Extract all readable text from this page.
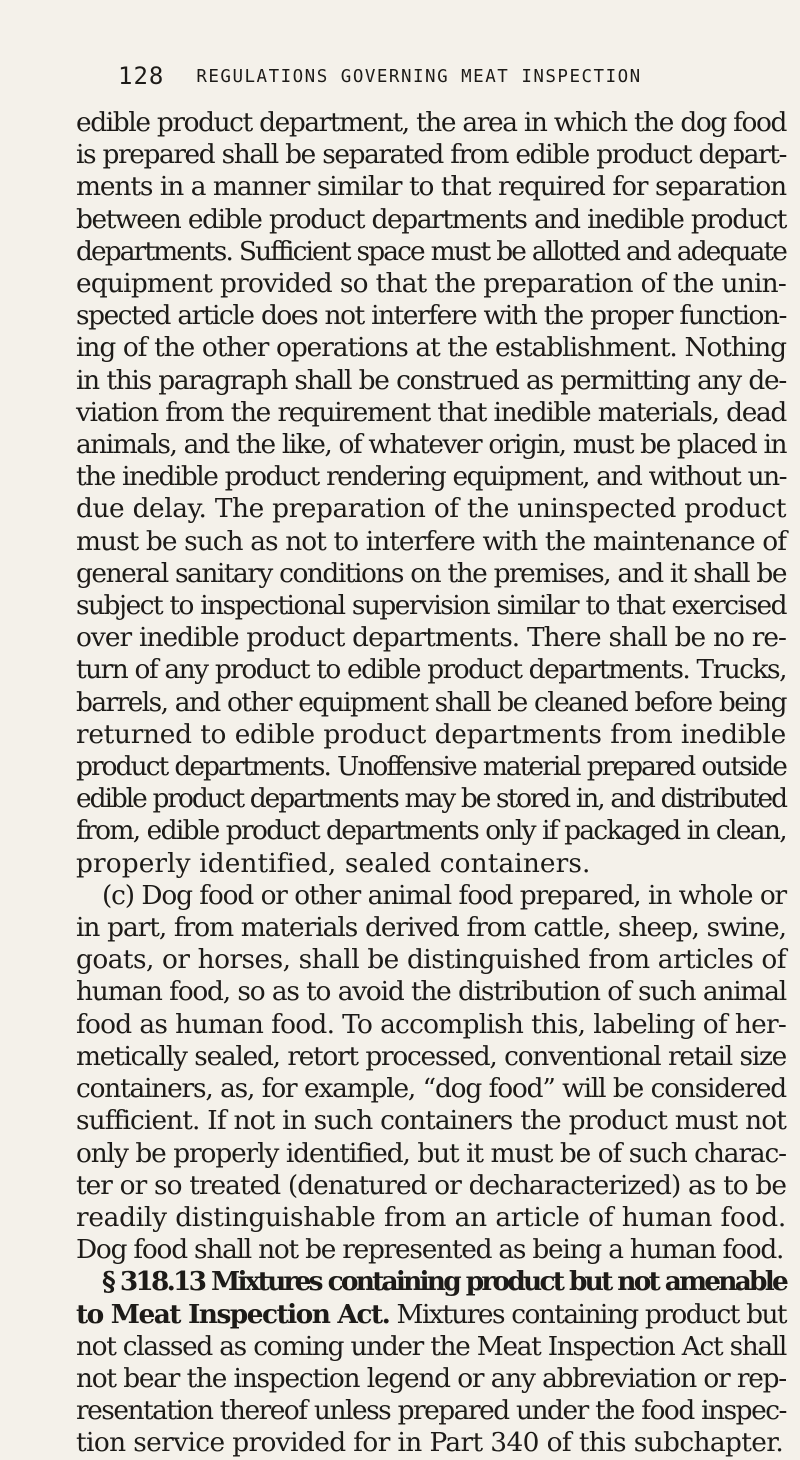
128 REGULATIONS GOVERNING MEAT INSPECTION

edible product department, the area in which the dog food
is prepared shall be separated from edible product depart-
ments in a manner similar to that required for separation
between edible product departments and inedible product
departments. Sufficient space must be allotted and adequate
equipment provided so that the preparation of the unin-
spected article does not interfere with the proper function-
ing of the other operations at the establishment. Nothing
in this paragraph shall be construed as permitting any de-
viation from the requirement that inedible materials, dead
animals, and the like, of whatever origin, must be placed in
the inedible product rendering equipment, and without un-
due delay. The preparation of the uninspected product
must be such as not to interfere with the maintenance of
general sanitary conditions on the premises, and it shall be
subject to inspectional supervision similar to that exercised
over inedible product departments. There shall be no re-
turn of any product to edible product departments. Trucks,
barrels, and other equipment shall be cleaned before being
returned to edible product departments from inedible
product departments. Unoffensive material prepared outside
edible product departments may be stored in, and distributed
from, edible product departments only if packaged in clean,
properly identified, sealed containers.

(c) Dog food or other animal food prepared, in whole or
in part, from materials derived from cattle, sheep, swine,
goats, or horses, shall be distinguished from articles of
human food, so as to avoid the distribution of such animal
food as human food. To accomplish this, labeling of her-
metically sealed, retort processed, conventional retail size
containers, as, for example, “dog food” will be considered
sufficient. If not in such containers the product must not
only be properly identified, but it must be of such charac-
ter or so treated (denatured or decharacterized) as to be
readily distinguishable from an article of human food.
Dog food shall not be represented as being a human food.

§ 318.13 Mixtures containing product but not amenable
to Meat Inspection Act. Mixtures containing product but
not classed as coming under the Meat Inspection Act shall
not bear the inspection legend or any abbreviation or rep-
resentation thereof unless prepared under the food inspec-
tion service provided for in Part 340 of this subchapter.
